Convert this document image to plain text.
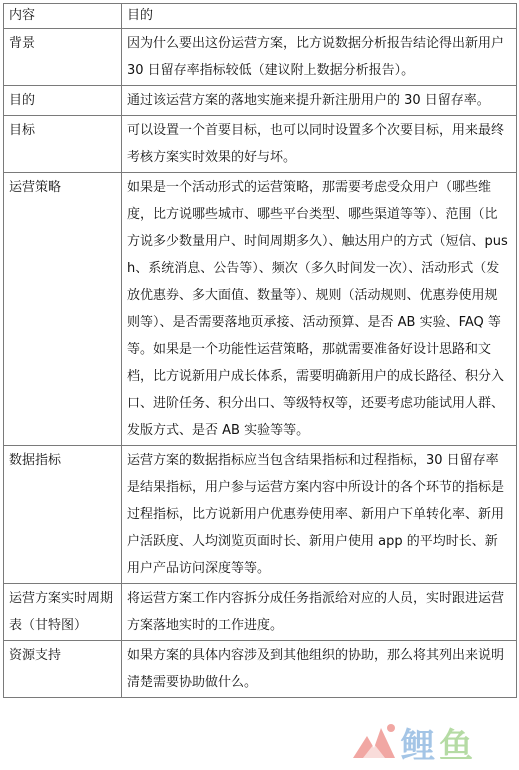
内容	目的
背景	因为什么要出这份运营方案，比方说数据分析报告结论得出新用户 30 日留存率指标较低（建议附上数据分析报告）。
目的	通过该运营方案的落地实施来提升新注册用户的 30 日留存率。
目标	可以设置一个首要目标，也可以同时设置多个次要目标，用来最终考核方案实时效果的好与坏。
运营策略	如果是一个活动形式的运营策略，那需要考虑受众用户（哪些维度，比方说哪些城市、哪些平台类型、哪些渠道等等）、范围（比方说多少数量用户、时间周期多久）、触达用户的方式（短信、push、系统消息、公告等）、频次（多久时间发一次）、活动形式（发放优惠券、多大面值、数量等）、规则（活动规则、优惠券使用规则等）、是否需要落地页承接、活动预算、是否 AB 实验、FAQ 等等。如果是一个功能性运营策略，那就需要准备好设计思路和文档，比方说新用户成长体系，需要明确新用户的成长路径、积分入口、进阶任务、积分出口、等级特权等，还要考虑功能试用人群、发版方式、是否 AB 实验等等。
数据指标	运营方案的数据指标应当包含结果指标和过程指标，30 日留存率是结果指标，用户参与运营方案内容中所设计的各个环节的指标是过程指标，比方说新用户优惠券使用率、新用户下单转化率、新用户活跃度、人均浏览页面时长、新用户使用 app 的平均时长、新用户产品访问深度等等。
运营方案实时周期表（甘特图）	将运营方案工作内容拆分成任务指派给对应的人员，实时跟进运营方案落地实时的工作进度。
资源支持	如果方案的具体内容涉及到其他组织的协助，那么将其列出来说明清楚需要协助做什么。
鲤鱼
